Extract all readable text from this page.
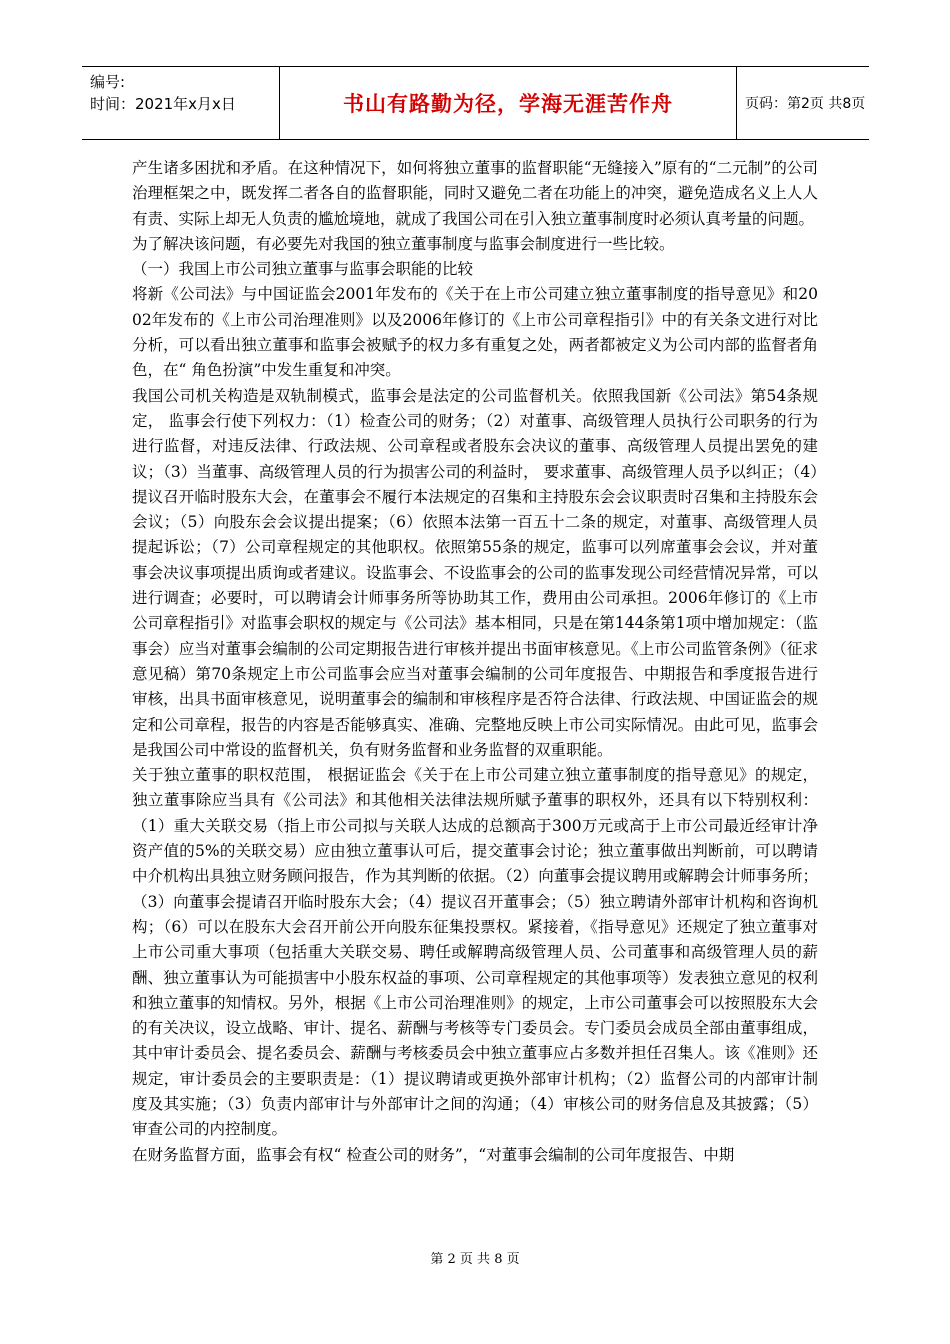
编号:
时间：2021年x月x日	书山有路勤为径，学海无涯苦作舟	页码：第2页 共8页

产生诸多困扰和矛盾。在这种情况下，如何将独立董事的监督职能“无缝接入”原有的“二元制”的公司治理框架之中，既发挥二者各自的监督职能，同时又避免二者在功能上的冲突，避免造成名义上人人有责、实际上却无人负责的尴尬境地，就成了我国公司在引入独立董事制度时必须认真考量的问题。

为了解决该问题，有必要先对我国的独立董事制度与监事会制度进行一些比较。

（一）我国上市公司独立董事与监事会职能的比较

将新《公司法》与中国证监会2001年发布的《关于在上市公司建立独立董事制度的指导意见》和2002年发布的《上市公司治理准则》以及2006年修订的《上市公司章程指引》中的有关条文进行对比分析，可以看出独立董事和监事会被赋予的权力多有重复之处，两者都被定义为公司内部的监督者角色，在“ 角色扮演”中发生重复和冲突。

我国公司机关构造是双轨制模式，监事会是法定的公司监督机关。依照我国新《公司法》第54条规定， 监事会行使下列权力：（1）检查公司的财务；（2）对董事、高级管理人员执行公司职务的行为进行监督，对违反法律、行政法规、公司章程或者股东会决议的董事、高级管理人员提出罢免的建议；（3）当董事、高级管理人员的行为损害公司的利益时， 要求董事、高级管理人员予以纠正；（4）提议召开临时股东大会，在董事会不履行本法规定的召集和主持股东会会议职责时召集和主持股东会会议；（5）向股东会会议提出提案；（6）依照本法第一百五十二条的规定，对董事、高级管理人员提起诉讼；（7）公司章程规定的其他职权。依照第55条的规定，监事可以列席董事会会议，并对董事会决议事项提出质询或者建议。设监事会、不设监事会的公司的监事发现公司经营情况异常，可以进行调查；必要时，可以聘请会计师事务所等协助其工作，费用由公司承担。2006年修订的《上市公司章程指引》对监事会职权的规定与《公司法》基本相同，只是在第144条第1项中增加规定：（监事会）应当对董事会编制的公司定期报告进行审核并提出书面审核意见。《上市公司监管条例》（征求意见稿）第70条规定上市公司监事会应当对董事会编制的公司年度报告、中期报告和季度报告进行审核，出具书面审核意见，说明董事会的编制和审核程序是否符合法律、行政法规、中国证监会的规定和公司章程，报告的内容是否能够真实、准确、完整地反映上市公司实际情况。由此可见，监事会是我国公司中常设的监督机关，负有财务监督和业务监督的双重职能。

关于独立董事的职权范围， 根据证监会《关于在上市公司建立独立董事制度的指导意见》的规定，独立董事除应当具有《公司法》和其他相关法律法规所赋予董事的职权外，还具有以下特别权利：（1）重大关联交易（指上市公司拟与关联人达成的总额高于300万元或高于上市公司最近经审计净资产值的5%的关联交易）应由独立董事认可后，提交董事会讨论；独立董事做出判断前，可以聘请中介机构出具独立财务顾问报告，作为其判断的依据。（2）向董事会提议聘用或解聘会计师事务所；（3）向董事会提请召开临时股东大会；（4）提议召开董事会；（5）独立聘请外部审计机构和咨询机构；（6）可以在股东大会召开前公开向股东征集投票权。紧接着，《指导意见》还规定了独立董事对上市公司重大事项（包括重大关联交易、聘任或解聘高级管理人员、公司董事和高级管理人员的薪酬、独立董事认为可能损害中小股东权益的事项、公司章程规定的其他事项等）发表独立意见的权利和独立董事的知情权。另外，根据《上市公司治理准则》的规定，上市公司董事会可以按照股东大会的有关决议，设立战略、审计、提名、薪酬与考核等专门委员会。专门委员会成员全部由董事组成，其中审计委员会、提名委员会、薪酬与考核委员会中独立董事应占多数并担任召集人。该《准则》还规定，审计委员会的主要职责是：（1）提议聘请或更换外部审计机构；（2）监督公司的内部审计制度及其实施；（3）负责内部审计与外部审计之间的沟通；（4）审核公司的财务信息及其披露；（5）审查公司的内控制度。

在财务监督方面，监事会有权“ 检查公司的财务”，“对董事会编制的公司年度报告、中期

第 2 页 共 8 页
